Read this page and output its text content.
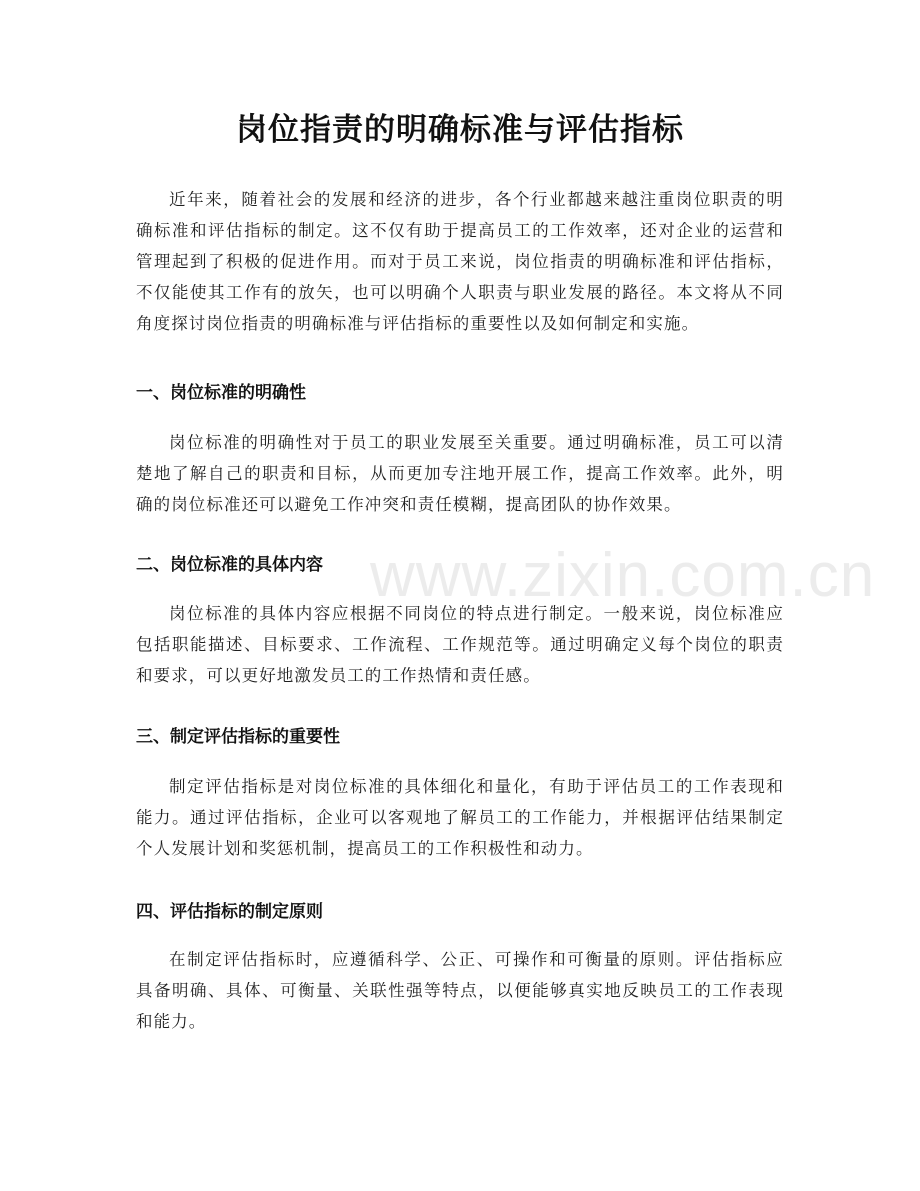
岗位指责的明确标准与评估指标

近年来，随着社会的发展和经济的进步，各个行业都越来越注重岗位职责的明确标准和评估指标的制定。这不仅有助于提高员工的工作效率，还对企业的运营和管理起到了积极的促进作用。而对于员工来说，岗位指责的明确标准和评估指标，不仅能使其工作有的放矢，也可以明确个人职责与职业发展的路径。本文将从不同角度探讨岗位指责的明确标准与评估指标的重要性以及如何制定和实施。

一、岗位标准的明确性

岗位标准的明确性对于员工的职业发展至关重要。通过明确标准，员工可以清楚地了解自己的职责和目标，从而更加专注地开展工作，提高工作效率。此外，明确的岗位标准还可以避免工作冲突和责任模糊，提高团队的协作效果。

二、岗位标准的具体内容

岗位标准的具体内容应根据不同岗位的特点进行制定。一般来说，岗位标准应包括职能描述、目标要求、工作流程、工作规范等。通过明确定义每个岗位的职责和要求，可以更好地激发员工的工作热情和责任感。

三、制定评估指标的重要性

制定评估指标是对岗位标准的具体细化和量化，有助于评估员工的工作表现和能力。通过评估指标，企业可以客观地了解员工的工作能力，并根据评估结果制定个人发展计划和奖惩机制，提高员工的工作积极性和动力。

四、评估指标的制定原则

在制定评估指标时，应遵循科学、公正、可操作和可衡量的原则。评估指标应具备明确、具体、可衡量、关联性强等特点，以便能够真实地反映员工的工作表现和能力。

www.zixin.com.cn
